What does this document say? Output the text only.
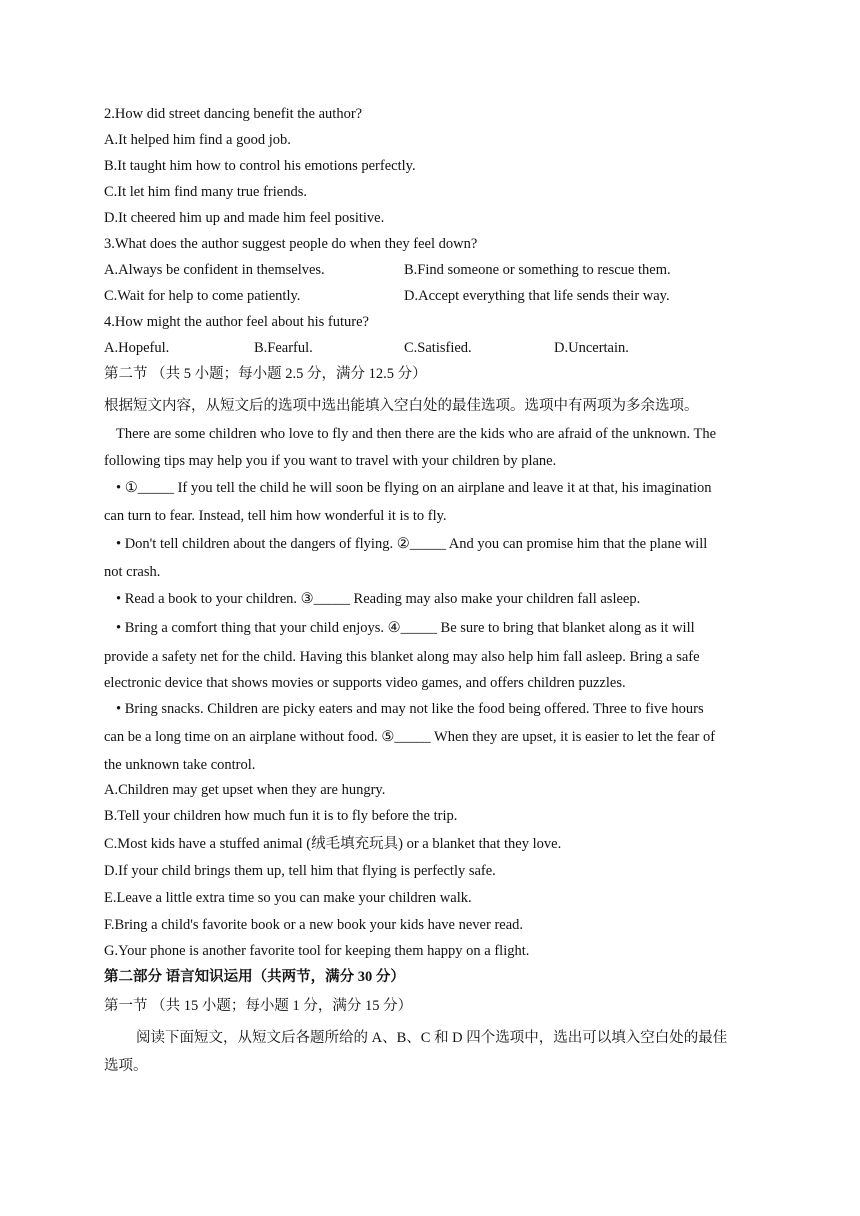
2.How did street dancing benefit the author?
A.It helped him find a good job.
B.It taught him how to control his emotions perfectly.
C.It let him find many true friends.
D.It cheered him up and made him feel positive.
3.What does the author suggest people do when they feel down?
A.Always be confident in themselves.	B.Find someone or something to rescue them.
C.Wait for help to come patiently.	D.Accept everything that life sends their way.
4.How might the author feel about his future?
A.Hopeful.	B.Fearful.	C.Satisfied.	D.Uncertain.
第二节 （共 5 小题；每小题 2.5 分，满分 12.5 分）
根据短文内容，从短文后的选项中选出能填入空白处的最佳选项。选项中有两项为多余选项。
There are some children who love to fly and then there are the kids who are afraid of the unknown. The
following tips may help you if you want to travel with your children by plane.
• ①_____ If you tell the child he will soon be flying on an airplane and leave it at that, his imagination
can turn to fear. Instead, tell him how wonderful it is to fly.
• Don't tell children about the dangers of flying. ②_____ And you can promise him that the plane will
not crash.
• Read a book to your children. ③_____ Reading may also make your children fall asleep.
• Bring a comfort thing that your child enjoys. ④_____ Be sure to bring that blanket along as it will
provide a safety net for the child. Having this blanket along may also help him fall asleep. Bring a safe
electronic device that shows movies or supports video games, and offers children puzzles.
• Bring snacks. Children are picky eaters and may not like the food being offered. Three to five hours
can be a long time on an airplane without food. ⑤_____ When they are upset, it is easier to let the fear of
the unknown take control.
A.Children may get upset when they are hungry.
B.Tell your children how much fun it is to fly before the trip.
C.Most kids have a stuffed animal (绒毛填充玩具) or a blanket that they love.
D.If your child brings them up, tell him that flying is perfectly safe.
E.Leave a little extra time so you can make your children walk.
F.Bring a child's favorite book or a new book your kids have never read.
G.Your phone is another favorite tool for keeping them happy on a flight.
第二部分 语言知识运用（共两节，满分 30 分）
第一节 （共 15 小题；每小题 1 分，满分 15 分）
阅读下面短文，从短文后各题所给的 A、B、C 和 D 四个选项中，选出可以填入空白处的最佳
选项。
